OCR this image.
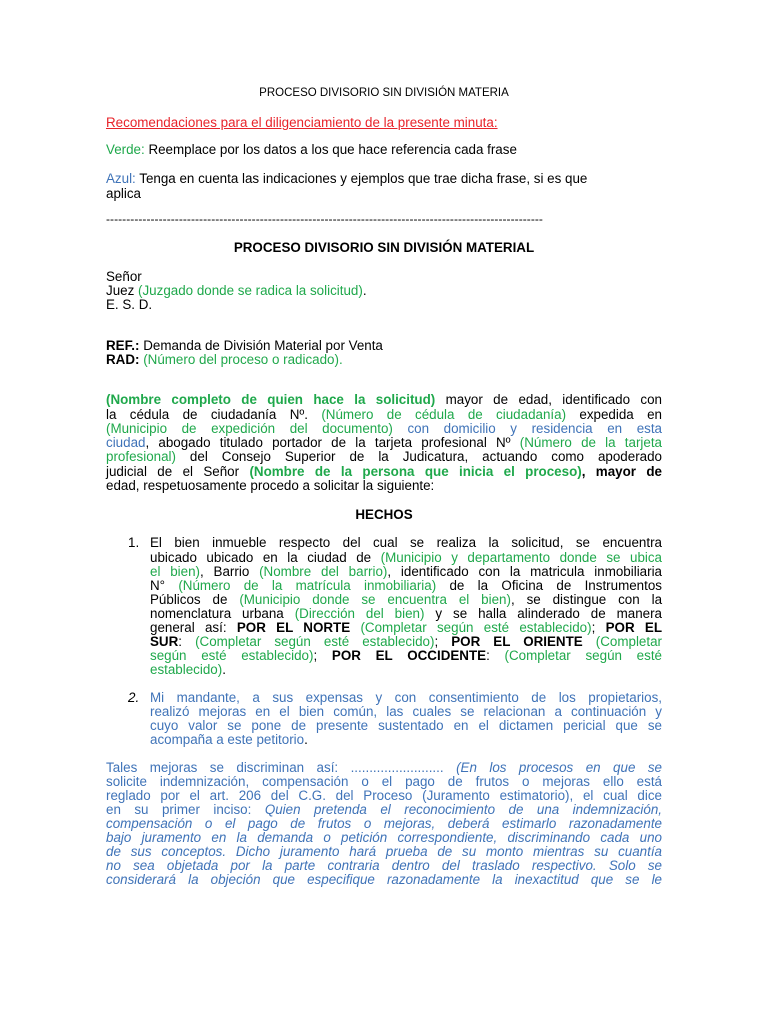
PROCESO DIVISORIO SIN DIVISIÓN MATERIA
Recomendaciones para el diligenciamiento de la presente minuta:
Verde: Reemplace por los datos a los que hace referencia cada frase
Azul: Tenga en cuenta las indicaciones y ejemplos que trae dicha frase, si es que
aplica
------------------------------------------------------------------------------------------------------------
PROCESO DIVISORIO SIN DIVISIÓN MATERIAL
Señor
Juez (Juzgado donde se radica la solicitud).
E. S. D.
REF.: Demanda de División Material por Venta
RAD: (Número del proceso o radicado).
(Nombre completo de quien hace la solicitud) mayor de edad, identificado con
la cédula de ciudadanía Nº. (Número de cédula de ciudadanía) expedida en
(Municipio de expedición del documento) con domicilio y residencia en esta
ciudad, abogado titulado portador de la tarjeta profesional Nº (Número de la tarjeta
profesional) del Consejo Superior de la Judicatura, actuando como apoderado
judicial de el Señor (Nombre de la persona que inicia el proceso), mayor de
edad, respetuosamente procedo a solicitar la siguiente:
HECHOS
1. El bien inmueble respecto del cual se realiza la solicitud, se encuentra
ubicado ubicado en la ciudad de (Municipio y departamento donde se ubica
el bien), Barrio (Nombre del barrio), identificado con la matricula inmobiliaria
N° (Número de la matrícula inmobiliaria) de la Oficina de Instrumentos
Públicos de (Municipio donde se encuentra el bien), se distingue con la
nomenclatura urbana (Dirección del bien) y se halla alinderado de manera
general así: POR EL NORTE (Completar según esté establecido); POR EL
SUR: (Completar según esté establecido); POR EL ORIENTE (Completar
según esté establecido); POR EL OCCIDENTE: (Completar según esté
establecido).
2. Mi mandante, a sus expensas y con consentimiento de los propietarios,
realizó mejoras en el bien común, las cuales se relacionan a continuación y
cuyo valor se pone de presente sustentado en el dictamen pericial que se
acompaña a este petitorio.
Tales mejoras se discriminan así: ......................... (En los procesos en que se
solicite indemnización, compensación o el pago de frutos o mejoras ello está
reglado por el art. 206 del C.G. del Proceso (Juramento estimatorio), el cual dice
en su primer inciso: Quien pretenda el reconocimiento de una indemnización,
compensación o el pago de frutos o mejoras, deberá estimarlo razonadamente
bajo juramento en la demanda o petición correspondiente, discriminando cada uno
de sus conceptos. Dicho juramento hará prueba de su monto mientras su cuantía
no sea objetada por la parte contraria dentro del traslado respectivo. Solo se
considerará la objeción que especifique razonadamente la inexactitud que se le
